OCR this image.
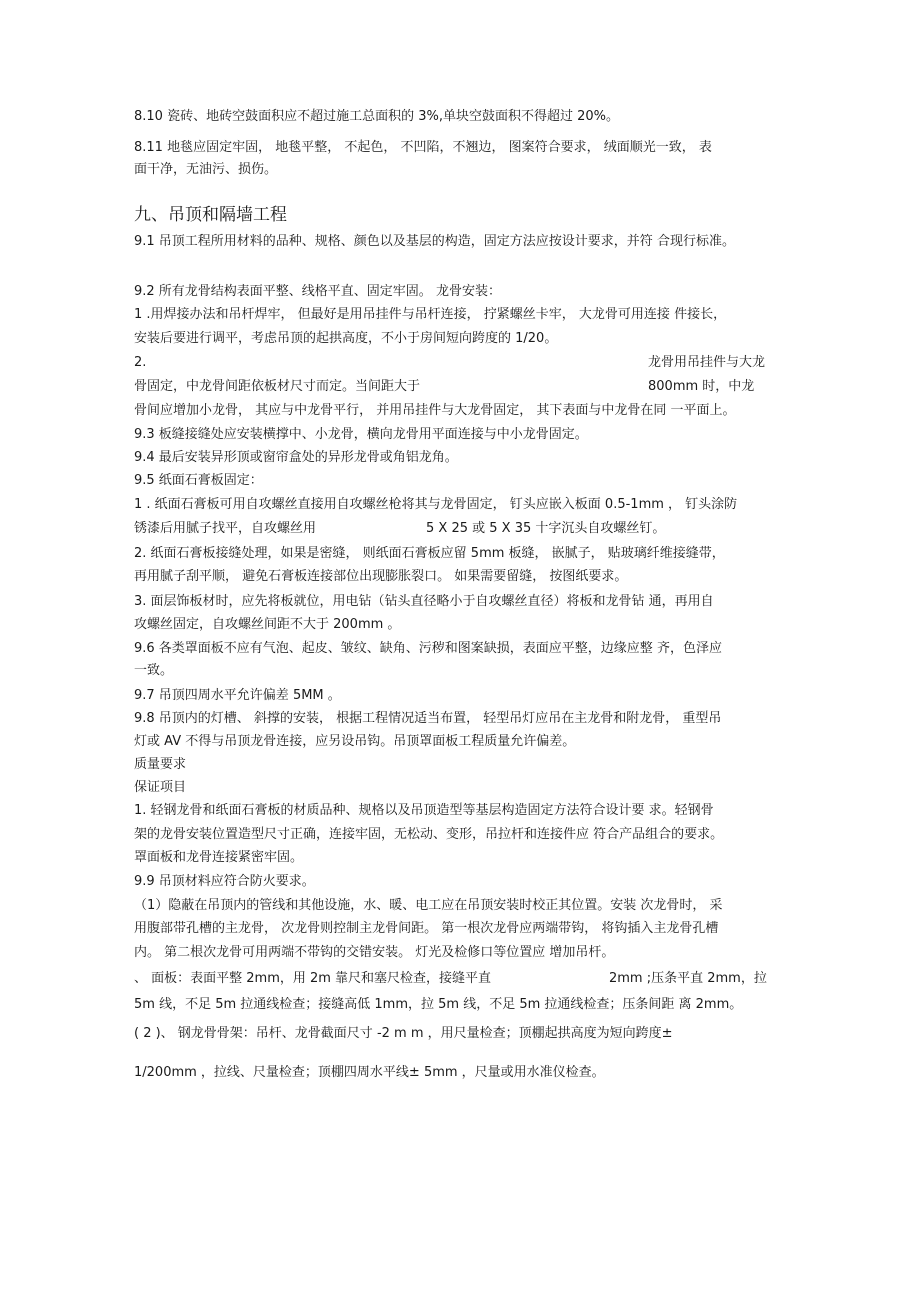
8.10 瓷砖、地砖空鼓面积应不超过施工总面积的 3%,单块空鼓面积不得超过 20%。
8.11 地毯应固定牢固， 地毯平整， 不起色， 不凹陷，不翘边， 图案符合要求， 绒面顺光一致， 表
面干净，无油污、损伤。
九、吊顶和隔墙工程
9.1 吊顶工程所用材料的品种、规格、颜色以及基层的构造，固定方法应按设计要求，并符 合现行标准。
9.2 所有龙骨结构表面平整、线格平直、固定牢固。 龙骨安装：
1 .用焊接办法和吊杆焊牢， 但最好是用吊挂件与吊杆连接， 拧紧螺丝卡牢， 大龙骨可用连接 件接长，
安装后要进行调平，考虑吊顶的起拱高度，不小于房间短向跨度的 1/20。
2.	龙骨用吊挂件与大龙
骨固定，中龙骨间距依板材尺寸而定。当间距大于	800mm 时，中龙
骨间应增加小龙骨， 其应与中龙骨平行， 并用吊挂件与大龙骨固定， 其下表面与中龙骨在同 一平面上。
9.3 板缝接缝处应安装横撑中、小龙骨，横向龙骨用平面连接与中小龙骨固定。
9.4 最后安装异形顶或窗帘盒处的异形龙骨或角铝龙角。
9.5 纸面石膏板固定：
1 . 纸面石膏板可用自攻螺丝直接用自攻螺丝枪将其与龙骨固定， 钉头应嵌入板面 0.5-1mm ， 钉头涂防
锈漆后用腻子找平，自攻螺丝用	5 X 25 或 5 X 35 十字沉头自攻螺丝钉。
2. 纸面石膏板接缝处理，如果是密缝， 则纸面石膏板应留 5mm 板缝， 嵌腻子， 贴玻璃纤维接缝带，
再用腻子刮平顺， 避免石膏板连接部位出现膨胀裂口。 如果需要留缝， 按图纸要求。
3. 面层饰板材时，应先将板就位，用电钻（钻头直径略小于自攻螺丝直径）将板和龙骨钻 通，再用自
攻螺丝固定，自攻螺丝间距不大于 200mm 。
9.6 各类罩面板不应有气泡、起皮、皱纹、缺角、污秽和图案缺损，表面应平整，边缘应整 齐，色泽应
一致。
9.7 吊顶四周水平允许偏差 5MM 。
9.8 吊顶内的灯槽、 斜撑的安装， 根据工程情况适当布置， 轻型吊灯应吊在主龙骨和附龙骨， 重型吊
灯或 AV 不得与吊顶龙骨连接，应另设吊钩。吊顶罩面板工程质量允许偏差。
质量要求
保证项目
1. 轻钢龙骨和纸面石膏板的材质品种、规格以及吊顶造型等基层构造固定方法符合设计要 求。轻钢骨
架的龙骨安装位置造型尺寸正确，连接牢固，无松动、变形，吊拉杆和连接件应 符合产品组合的要求。
罩面板和龙骨连接紧密牢固。
9.9 吊顶材料应符合防火要求。
（1）隐蔽在吊顶内的管线和其他设施，水、暖、电工应在吊顶安装时校正其位置。安装 次龙骨时， 采
用腹部带孔槽的主龙骨， 次龙骨则控制主龙骨间距。 第一根次龙骨应两端带钩， 将钩插入主龙骨孔槽
内。 第二根次龙骨可用两端不带钩的交错安装。 灯光及检修口等位置应 增加吊杆。
、 面板：表面平整 2mm，用 2m 靠尺和塞尺检查，接缝平直	2mm ;压条平直 2mm，拉
5m 线，不足 5m 拉通线检查；接缝高低 1mm，拉 5m 线，不足 5m 拉通线检查；压条间距 离 2mm。
( 2 )、 钢龙骨骨架：吊杆、龙骨截面尺寸 -2 m m ，用尺量检查；顶棚起拱高度为短向跨度±
1/200mm ，拉线、尺量检查；顶棚四周水平线± 5mm ，尺量或用水准仪检查。
